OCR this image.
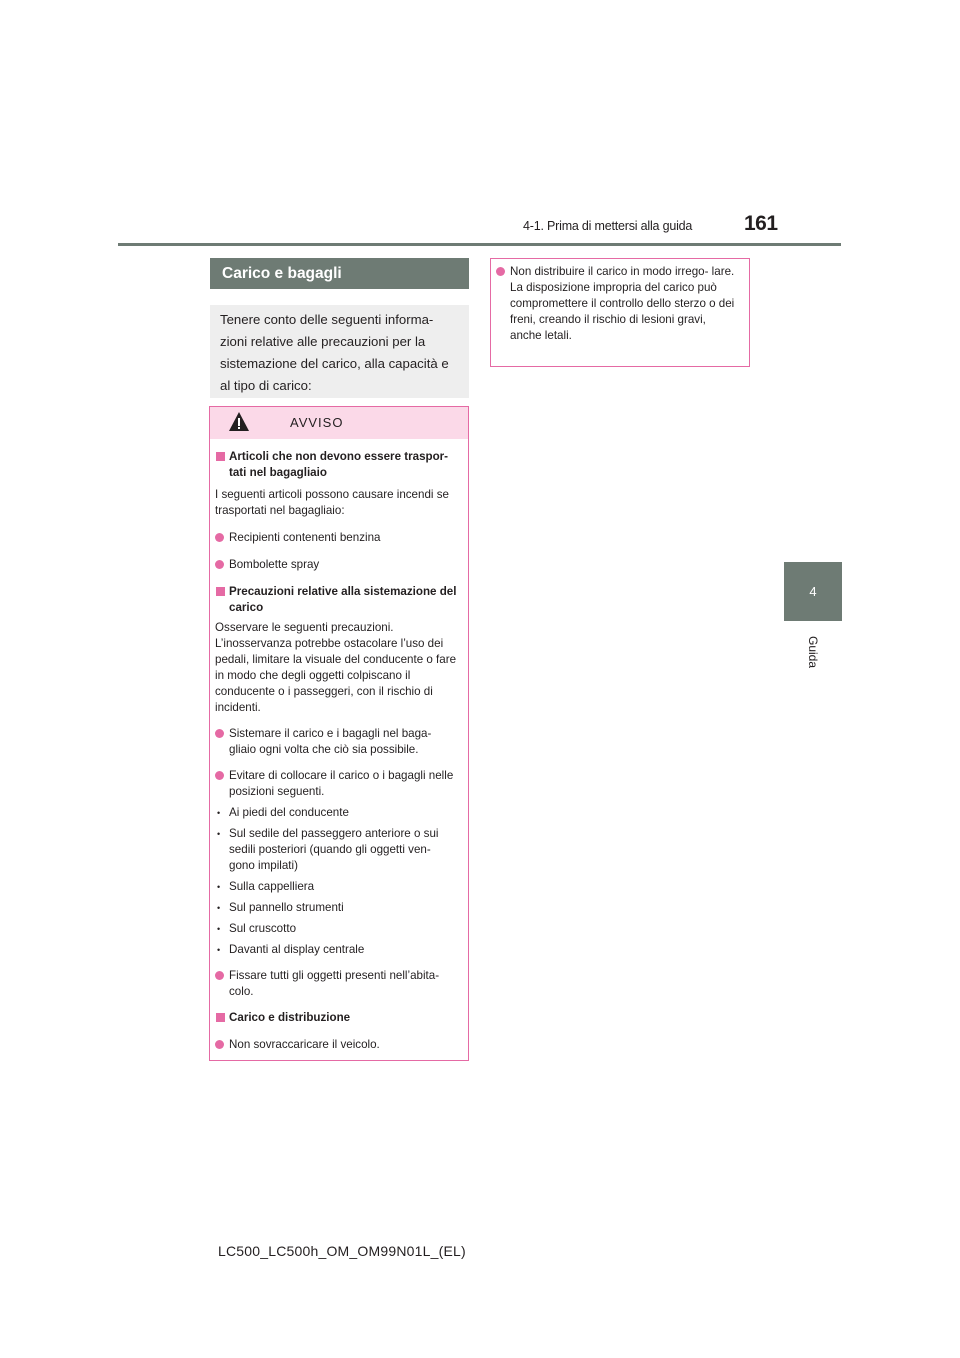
4-1. Prima di mettersi alla guida 161
4
Guida
Carico e bagagli
Tenere conto delle seguenti informa- zioni relative alle precauzioni per la sistemazione del carico, alla capacità e al tipo di carico:
AVVISO
Articoli che non devono essere traspor- tati nel bagagliaio

I seguenti articoli possono causare incendi se trasportati nel bagagliaio:

Recipienti contenenti benzina
Bombolette spray
Precauzioni relative alla sistemazione del carico

Osservare le seguenti precauzioni. L’inosservanza potrebbe ostacolare l’uso dei pedali, limitare la visuale del conducente o fare in modo che degli oggetti colpiscano il conducente o i passeggeri, con il rischio di incidenti.

Sistemare il carico e i bagagli nel baga- gliaio ogni volta che ciò sia possibile.
Evitare di collocare il carico o i bagagli nelle posizioni seguenti.
• Ai piedi del conducente
• Sul sedile del passeggero anteriore o sui sedili posteriori (quando gli oggetti ven- gono impilati)
• Sulla cappelliera
• Sul pannello strumenti
• Sul cruscotto
• Davanti al display centrale
Fissare tutti gli oggetti presenti nell’abita- colo.
Carico e distribuzione
Non sovraccaricare il veicolo.
Non distribuire il carico in modo irrego- lare.

La disposizione impropria del carico può compromettere il controllo dello sterzo o dei freni, creando il rischio di lesioni gravi, anche letali.

LC500_LC500h_OM_OM99N01L_(EL)
